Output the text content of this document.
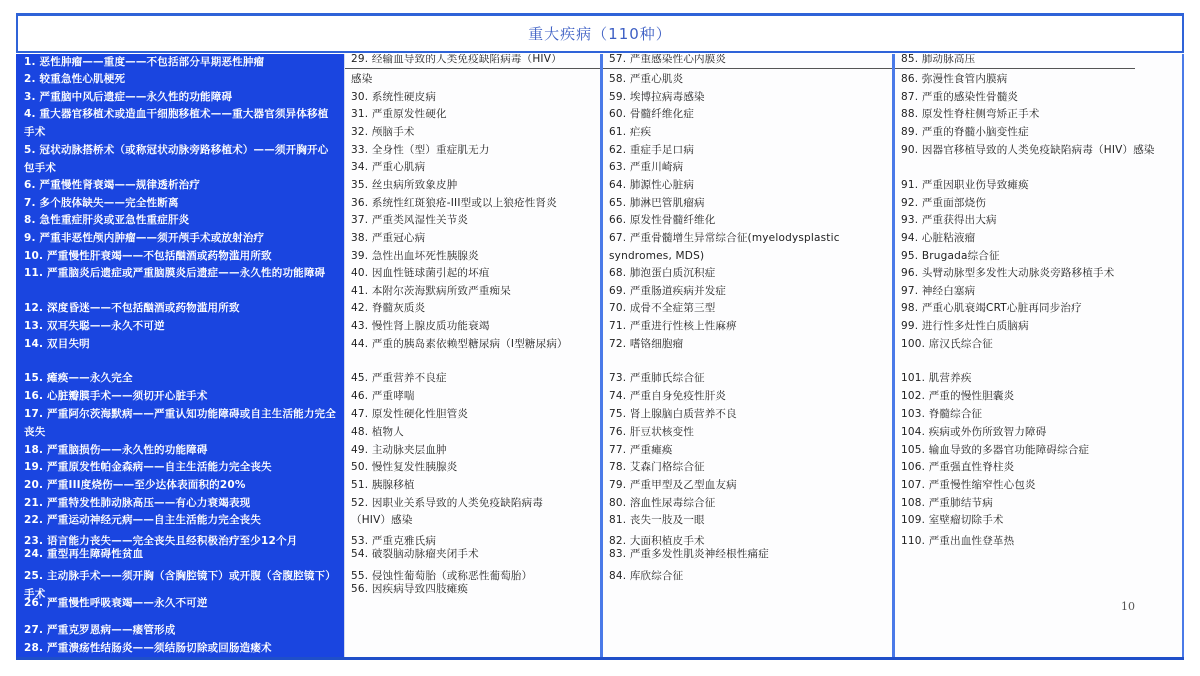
重大疾病（110种）
1. 恶性肿瘤——重度——不包括部分早期恶性肿瘤
2. 较重急性心肌梗死
3. 严重脑中风后遗症——永久性的功能障碍
4. 重大器官移植术或造血干细胞移植术——重大器官须异体移植手术
5. 冠状动脉搭桥术（或称冠状动脉旁路移植术）——须开胸开心包手术
6. 严重慢性肾衰竭——规律透析治疗
7. 多个肢体缺失——完全性断离
8. 急性重症肝炎或亚急性重症肝炎
9. 严重非恶性颅内肿瘤——须开颅手术或放射治疗
10. 严重慢性肝衰竭——不包括酗酒或药物滥用所致
11. 严重脑炎后遗症或严重脑膜炎后遗症——永久性的功能障碍
12. 深度昏迷——不包括酗酒或药物滥用所致
13. 双耳失聪——永久不可逆
14. 双目失明
15. 瘫痪——永久完全
16. 心脏瓣膜手术——须切开心脏手术
17. 严重阿尔茨海默病——严重认知功能障碍或自主生活能力完全丧失
18. 严重脑损伤——永久性的功能障碍
19. 严重原发性帕金森病——自主生活能力完全丧失
20. 严重III度烧伤——至少达体表面积的20%
21. 严重特发性肺动脉高压——有心力衰竭表现
22. 严重运动神经元病——自主生活能力完全丧失
23. 语言能力丧失——完全丧失且经积极治疗至少12个月
24. 重型再生障碍性贫血
25. 主动脉手术——须开胸（含胸腔镜下）或开腹（含腹腔镜下）手术
26. 严重慢性呼吸衰竭——永久不可逆
27. 严重克罗恩病——瘘管形成
28. 严重溃疡性结肠炎——须结肠切除或回肠造瘘术
29. 经输血导致的人类免疫缺陷病毒（HIV）
感染
30. 系统性硬皮病
31. 严重原发性硬化
32. 颅脑手术
33. 全身性（型）重症肌无力
34. 严重心肌病
35. 丝虫病所致象皮肿
36. 系统性红斑狼疮-III型或以上狼疮性肾炎
37. 严重类风湿性关节炎
38. 严重冠心病
39. 急性出血坏死性胰腺炎
40. 因血性链球菌引起的坏疽
41. 本附尔茨海默病所致严重痴呆
42. 脊髓灰质炎
43. 慢性肾上腺皮质功能衰竭
44. 严重的胰岛素依赖型糖尿病（I型糖尿病）
45. 严重营养不良症
46. 严重哮喘
47. 原发性硬化性胆管炎
48. 植物人
49. 主动脉夹层血肿
50. 慢性复发性胰腺炎
51. 胰腺移植
52. 因职业关系导致的人类免疫缺陷病毒
（HIV）感染
53. 严重克雅氏病
54. 破裂脑动脉瘤夹闭手术
55. 侵蚀性葡萄胎（或称恶性葡萄胎）
56. 因疾病导致四肢瘫痪
57. 严重感染性心内膜炎
58. 严重心肌炎
59. 埃博拉病毒感染
60. 骨髓纤维化症
61. 疟疾
62. 重症手足口病
63. 严重川崎病
64. 肺源性心脏病
65. 肺淋巴管肌瘤病
66. 原发性骨髓纤维化
67. 严重骨髓增生异常综合征(myelodysplastic syndromes, MDS)
68. 肺泡蛋白质沉积症
69. 严重肠道疾病并发症
70. 成骨不全症第三型
71. 严重进行性核上性麻痹
72. 嗜铬细胞瘤
73. 严重肺氏综合征
74. 严重自身免疫性肝炎
75. 肾上腺脑白质营养不良
76. 肝豆状核变性
77. 严重瘫痪
78. 艾森门格综合征
79. 严重甲型及乙型血友病
80. 溶血性尿毒综合征
81. 丧失一肢及一眼
82. 大面积植皮手术
83. 严重多发性肌炎神经根性痛症
84. 库欣综合征
85. 肺动脉高压
86. 弥漫性食管内膜病
87. 严重的感染性骨髓炎
88. 原发性脊柱侧弯矫正手术
89. 严重的脊髓小脑变性症
90. 因器官移植导致的人类免疫缺陷病毒（HIV）感染
91. 严重因职业伤导致瘫痪
92. 严重面部烧伤
93. 严重获得出大病
94. 心脏粘液瘤
95. Brugada综合征
96. 头臂动脉型多发性大动脉炎旁路移植手术
97. 神经白塞病
98. 严重心肌衰竭CRT心脏再同步治疗
99. 进行性多灶性白质脑病
100. 席汉氏综合征
101. 肌营养疾
102. 严重的慢性胆囊炎
103. 脊髓综合征
104. 疾病或外伤所致智力障碍
105. 输血导致的多器官功能障碍综合症
106. 严重强直性脊柱炎
107. 严重慢性缩窄性心包炎
108. 严重肺结节病
109. 室壁瘤切除手术
110. 严重出血性登革热
10
